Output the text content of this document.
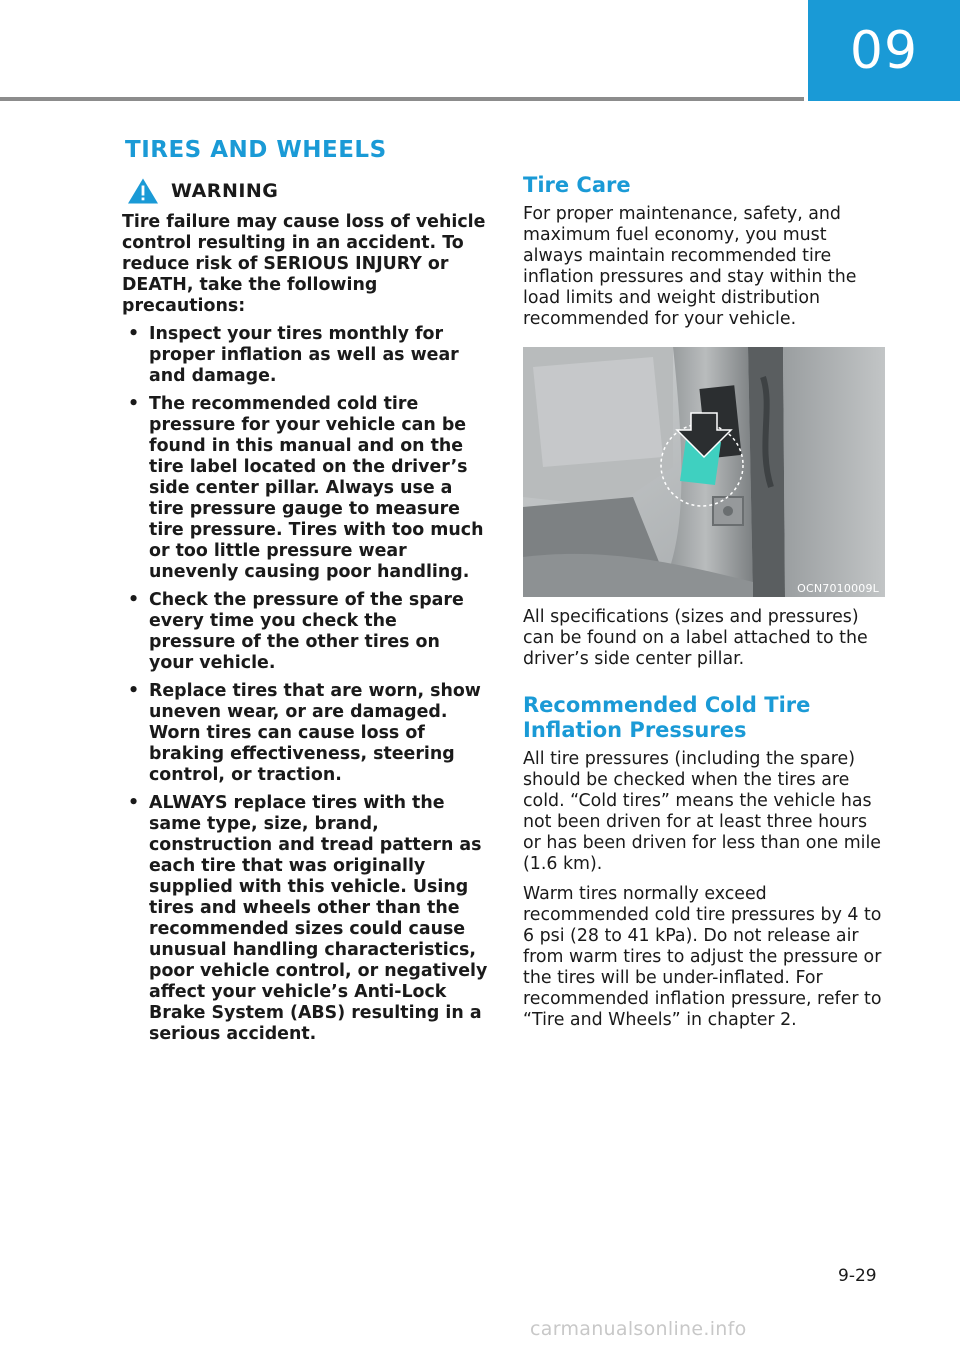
09
TIRES AND WHEELS
WARNING

Tire failure may cause loss of vehicle control resulting in an accident. To reduce risk of SERIOUS INJURY or DEATH, take the following precautions:

• Inspect your tires monthly for proper inflation as well as wear and damage.
• The recommended cold tire pressure for your vehicle can be found in this manual and on the tire label located on the driver’s side center pillar. Always use a tire pressure gauge to measure tire pressure. Tires with too much or too little pressure wear unevenly causing poor handling.
• Check the pressure of the spare every time you check the pressure of the other tires on your vehicle.
• Replace tires that are worn, show uneven wear, or are damaged. Worn tires can cause loss of braking effectiveness, steering control, or traction.
• ALWAYS replace tires with the same type, size, brand, construction and tread pattern as each tire that was originally supplied with this vehicle. Using tires and wheels other than the recommended sizes could cause unusual handling characteristics, poor vehicle control, or negatively affect your vehicle’s Anti-Lock Brake System (ABS) resulting in a serious accident.
Tire Care

For proper maintenance, safety, and maximum fuel economy, you must always maintain recommended tire inflation pressures and stay within the load limits and weight distribution recommended for your vehicle.

OCN7010009L

All specifications (sizes and pressures) can be found on a label attached to the driver’s side center pillar.

Recommended Cold Tire Inflation Pressures

All tire pressures (including the spare) should be checked when the tires are cold. “Cold tires” means the vehicle has not been driven for at least three hours or has been driven for less than one mile (1.6 km).

Warm tires normally exceed recommended cold tire pressures by 4 to 6 psi (28 to 41 kPa). Do not release air from warm tires to adjust the pressure or the tires will be under-inflated. For recommended inflation pressure, refer to “Tire and Wheels” in chapter 2.

9-29
carmanualsonline.info
